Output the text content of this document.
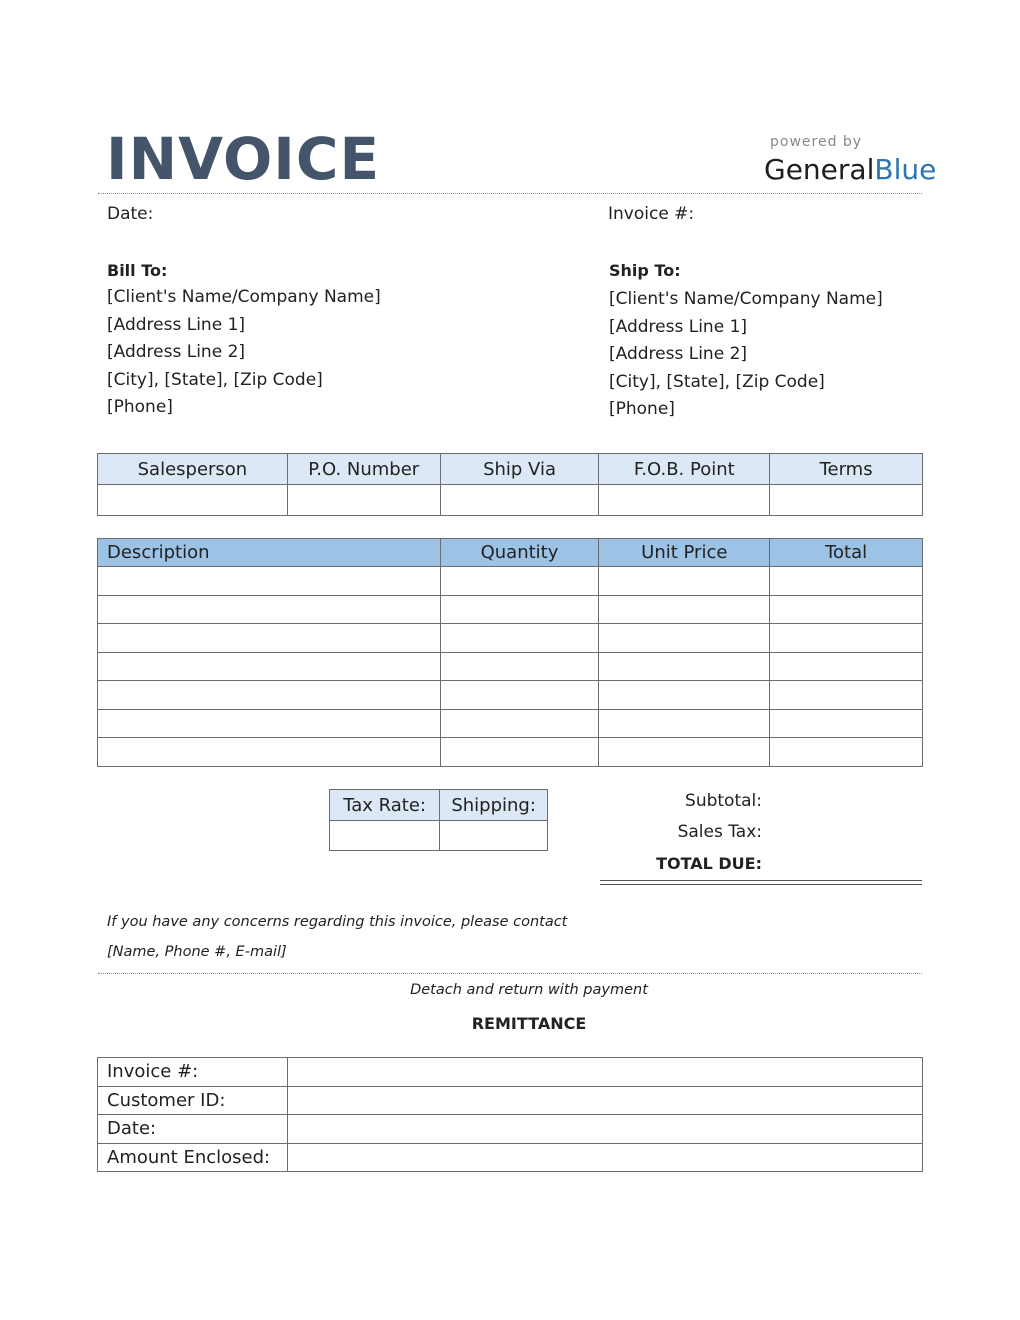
INVOICE	powered by
GeneralBlue
Date:	Invoice #:
Bill To:
[Client's Name/Company Name]
[Address Line 1]
[Address Line 2]
[City], [State], [Zip Code]
[Phone]
Ship To:
[Client's Name/Company Name]
[Address Line 1]
[Address Line 2]
[City], [State], [Zip Code]
[Phone]
Salesperson	P.O. Number	Ship Via	F.O.B. Point	Terms

Description	Quantity	Unit Price	Total

Tax Rate:	Shipping:
		Subtotal:
Sales Tax:
TOTAL DUE:
If you have any concerns regarding this invoice, please contact
[Name, Phone #, E-mail]
Detach and return with payment
REMITTANCE
Invoice #:	
Customer ID:	
Date:	
Amount Enclosed:	
